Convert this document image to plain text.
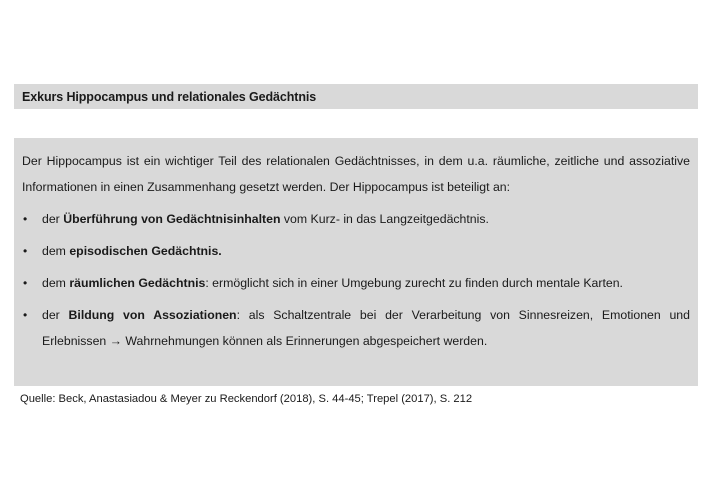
Exkurs Hippocampus und relationales Gedächtnis

Der Hippocampus ist ein wichtiger Teil des relationalen Gedächtnisses, in dem u.a. räumliche, zeitliche und assoziative Informationen in einen Zusammenhang gesetzt werden. Der Hippocampus ist beteiligt an:

• der Überführung von Gedächtnisinhalten vom Kurz- in das Langzeitgedächtnis.
• dem episodischen Gedächtnis.
• dem räumlichen Gedächtnis: ermöglicht sich in einer Umgebung zurecht zu finden durch mentale Karten.
• der Bildung von Assoziationen: als Schaltzentrale bei der Verarbeitung von Sinnesreizen, Emotionen und Erlebnissen → Wahrnehmungen können als Erinnerungen abgespeichert werden.
Quelle: Beck, Anastasiadou & Meyer zu Reckendorf (2018), S. 44-45; Trepel (2017), S. 212
